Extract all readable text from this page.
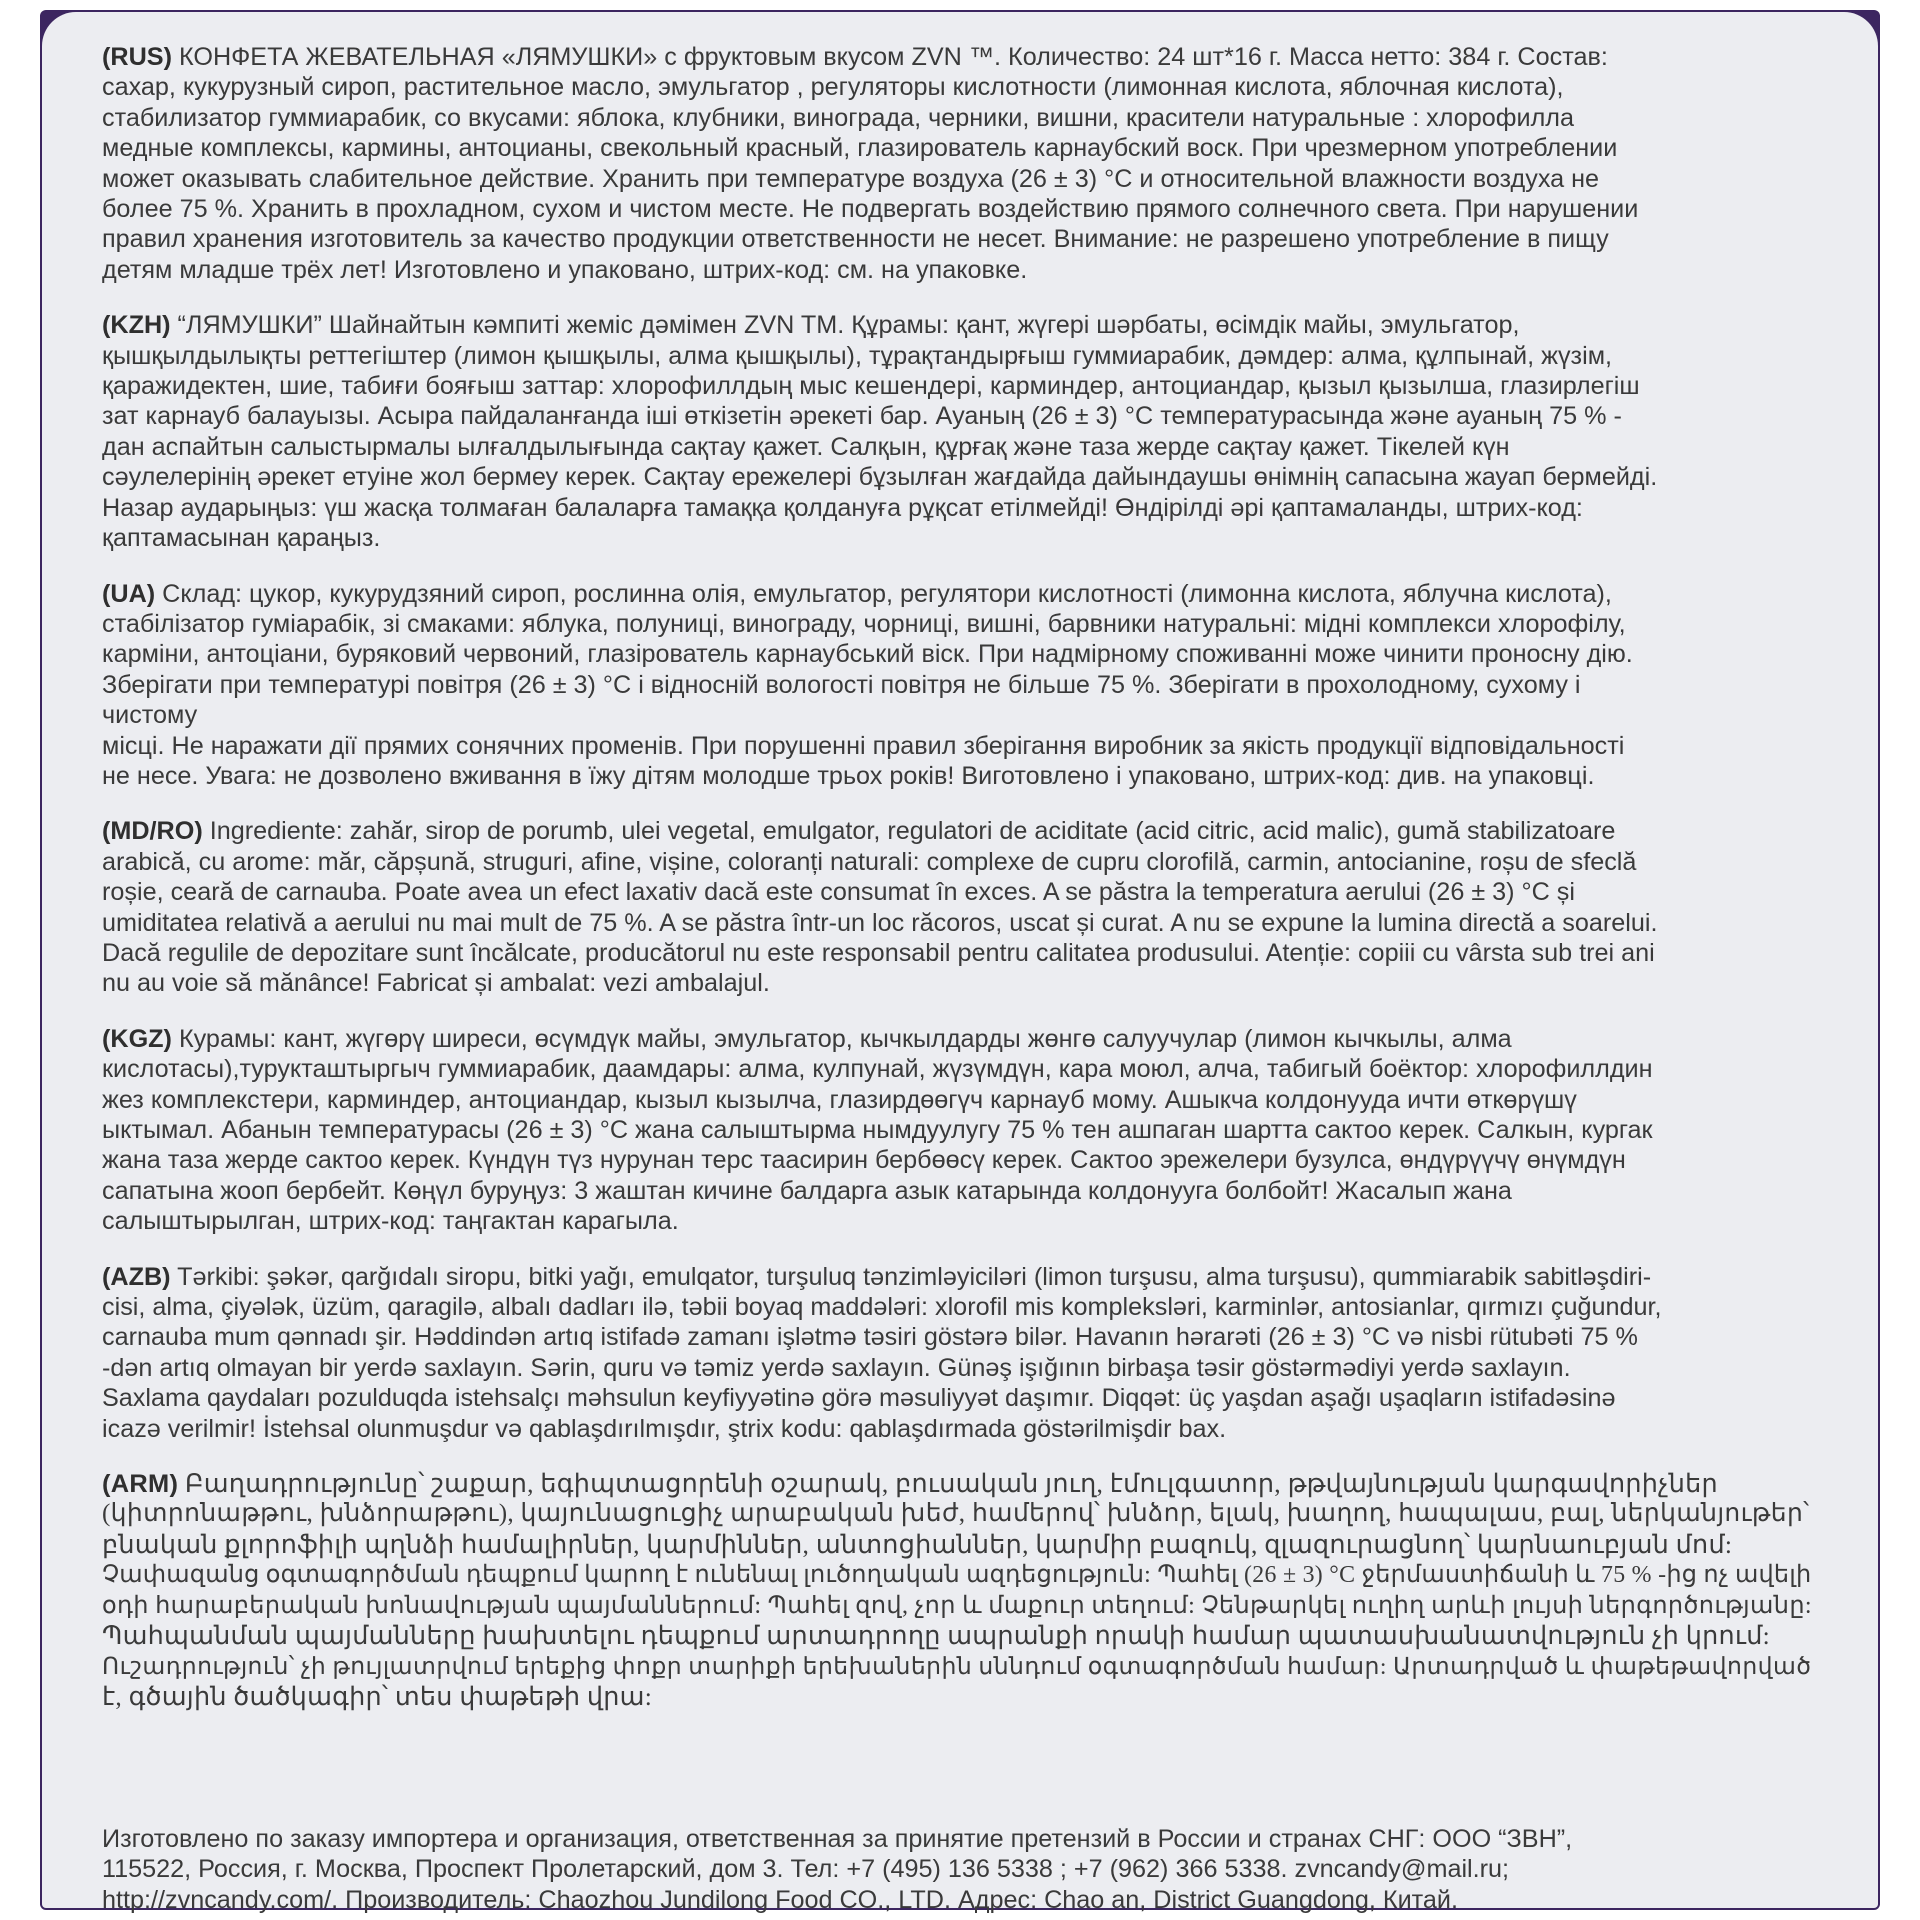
(RUS) КОНФЕТА ЖЕВАТЕЛЬНАЯ «ЛЯМУШКИ» с фруктовым вкусом ZVN ™. Количество: 24 шт*16 г. Масса нетто: 384 г. Состав:
сахар, кукурузный сироп, растительное масло, эмульгатор , регуляторы кислотности (лимонная кислота, яблочная кислота),
стабилизатор гуммиарабик, со вкусами: яблока, клубники, винограда, черники, вишни, красители натуральные : хлорофилла
медные комплексы, кармины, антоцианы, свекольный красный, глазирователь карнаубский воск. При чрезмерном употреблении
может оказывать слабительное действие. Хранить при температуре воздуха (26 ± 3) °C и относительной влажности воздуха не
более 75 %. Хранить в прохладном, сухом и чистом месте. Не подвергать воздействию прямого солнечного света. При нарушении
правил хранения изготовитель за качество продукции ответственности не несет. Внимание: не разрешено употребление в пищу
детям младше трёх лет! Изготовлено и упаковано, штрих-код: см. на упаковке.
(KZH) “ЛЯМУШКИ” Шайнайтын кәмпиті жеміс дәмімен ZVN TM. Құрамы: қант, жүгері шәрбаты, өсімдік майы, эмульгатор,
қышқылдылықты реттегіштер (лимон қышқылы, алма қышқылы), тұрақтандырғыш гуммиарабик, дәмдер: алма, құлпынай, жүзім,
қаражидектен, шие, табиғи бояғыш заттар: хлорофиллдың мыс кешендері, карминдер, антоциандар, қызыл қызылша, глазирлегіш
зат карнауб балауызы. Асыра пайдаланғанда іші өткізетін әрекеті бар. Ауаның (26 ± 3) °C температурасында және ауаның 75 % -
дан аспайтын салыстырмалы ылғалдылығында сақтау қажет. Салқын, құрғақ және таза жерде сақтау қажет. Тікелей күн
сәулелерінің әрекет етуіне жол бермеу керек. Сақтау ережелері бұзылған жағдайда дайындаушы өнімнің сапасына жауап бермейді.
Назар аударыңыз: үш жасқа толмаған балаларға тамаққа қолдануға рұқсат етілмейді! Өндірілді әрі қаптамаланды, штрих-код:
қаптамасынан қараңыз.
(UA) Склад: цукор, кукурудзяний сироп, рослинна олія, емульгатор, регулятори кислотності (лимонна кислота, яблучна кислота),
стабілізатор гуміарабік, зі смаками: яблука, полуниці, винограду, чорниці, вишні, барвники натуральні: мідні комплекси хлорофілу,
карміни, антоціани, буряковий червоний, глазірователь карнаубський віск. При надмірному споживанні може чинити проносну дію.
Зберігати при температурі повітря (26 ± 3) °C і відносній вологості повітря не більше 75 %. Зберігати в прохолодному, сухому і
чистому
місці. Не наражати дії прямих сонячних променів. При порушенні правил зберігання виробник за якість продукції відповідальності
не несе. Увага: не дозволено вживання в їжу дітям молодше трьох років! Виготовлено і упаковано, штрих-код: див. на упаковці.
(MD/RO) Ingrediente: zahăr, sirop de porumb, ulei vegetal, emulgator, regulatori de aciditate (acid citric, acid malic), gumă stabilizatoare
arabică, cu arome: măr, căpșună, struguri, afine, vișine, coloranți naturali: complexe de cupru clorofilă, carmin, antocianine, roșu de sfeclă
roșie, ceară de carnauba. Poate avea un efect laxativ dacă este consumat în exces. A se păstra la temperatura aerului (26 ± 3) °C și
umiditatea relativă a aerului nu mai mult de 75 %. A se păstra într-un loc răcoros, uscat și curat. A nu se expune la lumina directă a soarelui.
Dacă regulile de depozitare sunt încălcate, producătorul nu este responsabil pentru calitatea produsului. Atenție: copiii cu vârsta sub trei ani
nu au voie să mănânce! Fabricat și ambalat: vezi ambalajul.
(KGZ) Курамы: кант, жүгөрү ширеси, өсүмдүк майы, эмульгатор, кычкылдарды жөнгө салуучулар (лимон кычкылы, алма
кислотасы),турукташтыргыч гуммиарабик, даамдары: алма, кулпунай, жүзүмдүн, кара моюл, алча, табигый боёктор: хлорофиллдин
жез комплекстери, карминдер, антоциандар, кызыл кызылча, глазирдөөгүч карнауб мому. Ашыкча колдонууда ичти өткөрүшү
ыктымал. Абанын температурасы (26 ± 3) °C жана салыштырма нымдуулугу 75 % тен ашпаган шартта сактоо керек. Салкын, кургак
жана таза жерде сактоо керек. Күндүн түз нурунан терс таасирин бербөөсү керек. Сактоо эрежелери бузулса, өндүрүүчү өнүмдүн
сапатына жооп бербейт. Көңүл буруңуз: 3 жаштан кичине балдарга азык катарында колдонууга болбойт! Жасалып жана
салыштырылган, штрих-код: таңгактан карагыла.
(AZB) Tərkibi: şəkər, qarğıdalı siropu, bitki yağı, emulqator, turşuluq tənzimləyiciləri (limon turşusu, alma turşusu), qummiarabik sabitləşdiri-
cisi, alma, çiyələk, üzüm, qaragilə, albalı dadları ilə, təbii boyaq maddələri: xlorofil mis kompleksləri, karminlər, antosianlar, qırmızı çuğundur,
carnauba mum qənnadı şir. Həddindən artıq istifadə zamanı işlətmə təsiri göstərə bilər. Havanın hərarəti (26 ± 3) °C və nisbi rütubəti 75 %
-dən artıq olmayan bir yerdə saxlayın. Sərin, quru və təmiz yerdə saxlayın. Günəş işığının birbaşa təsir göstərmədiyi yerdə saxlayın.
Saxlama qaydaları pozulduqda istehsalçı məhsulun keyfiyyətinə görə məsuliyyət daşımır. Diqqət: üç yaşdan aşağı uşaqların istifadəsinə
icazə verilmir! İstehsal olunmuşdur və qablaşdırılmışdır, ştrix kodu: qablaşdırmada göstərilmişdir bax.
(ARM) Բաղադրությունը՝ շաքար, եգիպտացորենի օշարակ, բուսական յուղ, էմուլգատոր, թթվայնության կարգավորիչներ
(կիտրոնաթթու, խնձորաթթու), կայունացուցիչ արաբական խեժ, համերով՝ խնձոր, ելակ, խաղող, հապալաս, բալ, ներկանյութեր՝
բնական քլորոֆիլի պղնձի համալիրներ, կարմիններ, անտոցիաններ, կարմիր բազուկ, զլազուրացնող՝ կարնաուբյան մոմ:
Չափազանց օգտագործման դեպքում կարող է ունենալ լուծողական ազդեցություն: Պահել (26 ± 3) °C ջերմաստիճանի և 75 % -ից ոչ ավելի
օդի հարաբերական խոնավության պայմաններում: Պահել զով, չոր և մաքուր տեղում: Չենթարկել ուղիղ արևի լույսի ներգործությանը:
Պահպանման պայմանները խախտելու դեպքում արտադրողը ապրանքի որակի համար պատասխանատվություն չի կրում:
Ուշադրություն՝ չի թույլատրվում երեքից փոքր տարիքի երեխաներին սննդում օգտագործման համար: Արտադրված և փաթեթավորված
է, գծային ծածկագիր՝ տես փաթեթի վրա:
Изготовлено по заказу импортера и организация, ответственная за принятие претензий в России и странах СНГ: ООО “ЗВН”,
115522, Россия, г. Москва, Проспект Пролетарский, дом 3. Тел: +7 (495) 136 5338 ; +7 (962) 366 5338. zvncandy@mail.ru;
http://zvncandy.com/. Производитель: Chaozhou Jundilong Food CO., LTD. Адрес: Chao an, District Guangdong, Китай.
